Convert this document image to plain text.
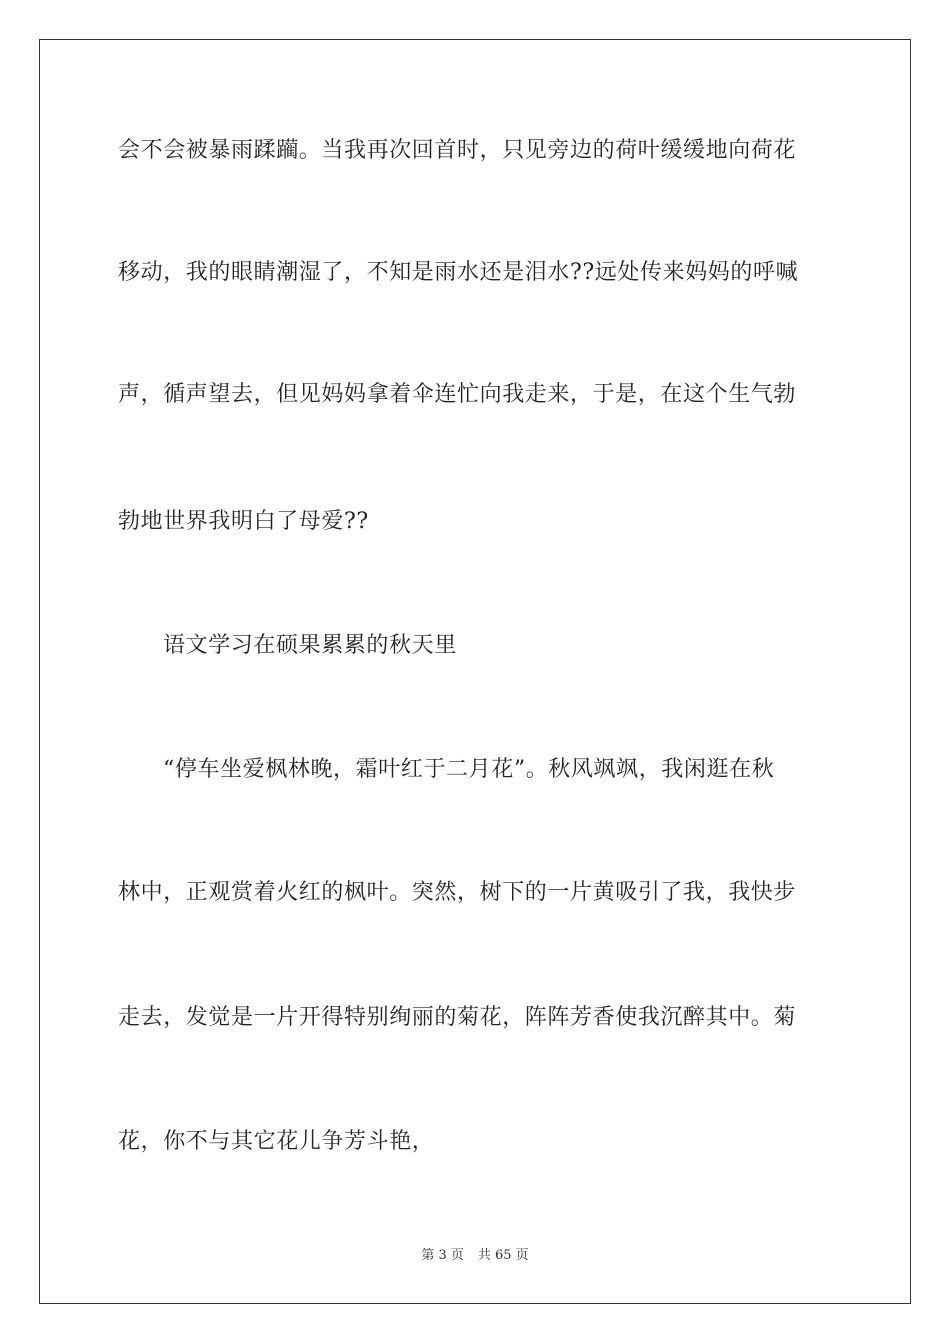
会不会被暴雨蹂躏。当我再次回首时，只见旁边的荷叶缓缓地向荷花
移动，我的眼睛潮湿了，不知是雨水还是泪水??远处传来妈妈的呼喊
声，循声望去，但见妈妈拿着伞连忙向我走来，于是，在这个生气勃
勃地世界我明白了母爱??
语文学习在硕果累累的秋天里
“停车坐爱枫林晚，霜叶红于二月花”。秋风飒飒，我闲逛在秋
林中，正观赏着火红的枫叶。突然，树下的一片黄吸引了我，我快步
走去，发觉是一片开得特别绚丽的菊花，阵阵芳香使我沉醉其中。菊
花，你不与其它花儿争芳斗艳，
第 3 页 共 65 页
